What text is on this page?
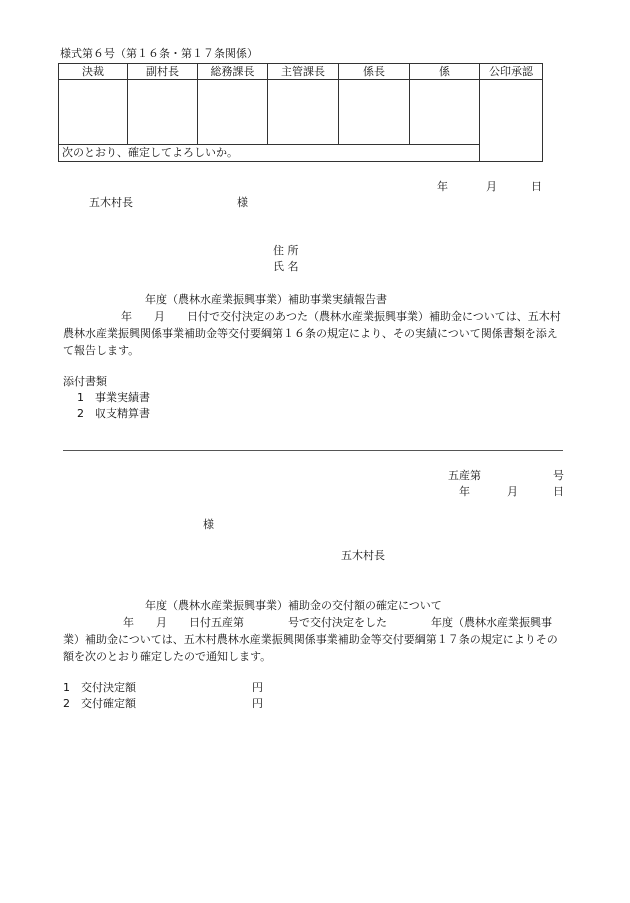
様式第６号（第１６条・第１７条関係）
決裁	副村長	総務課長	主管課長	係長	係	公印承認

次のとおり、確定してよろしいか。						
年	月	日
五木村長	様
住 所
氏 名
年度（農林水産業振興事業）補助事業実績報告書
年　　月　　日付で交付決定のあつた（農林水産業振興事業）補助金については、五木村農林水産業振興関係事業補助金等交付要綱第１６条の規定により、その実績について関係書類を添えて報告します。
添付書類
1　事業実績書
2　収支精算書
五産第	号
年	月	日
様
五木村長
年度（農林水産業振興事業）補助金の交付額の確定について
年　　月　　日付五産第　　　　号で交付決定をした　　　　年度（農林水産業振興事業）補助金については、五木村農林水産業振興関係事業補助金等交付要綱第１７条の規定によりその額を次のとおり確定したので通知します。
1　交付決定額	円
2　交付確定額	円
